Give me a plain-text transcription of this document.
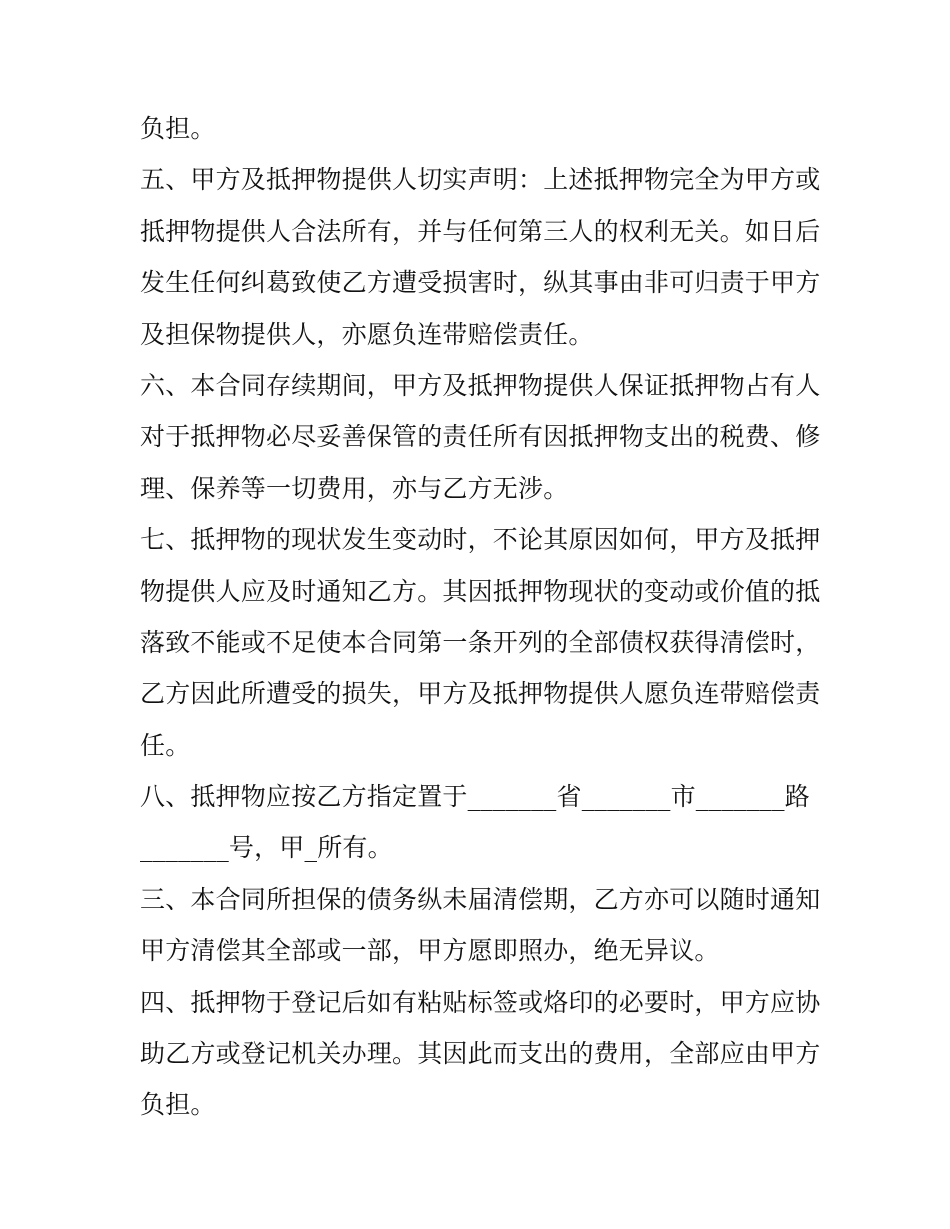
负担。
五、甲方及抵押物提供人切实声明：上述抵押物完全为甲方或
抵押物提供人合法所有，并与任何第三人的权利无关。如日后
发生任何纠葛致使乙方遭受损害时，纵其事由非可归责于甲方
及担保物提供人，亦愿负连带赔偿责任。
六、本合同存续期间，甲方及抵押物提供人保证抵押物占有人
对于抵押物必尽妥善保管的责任所有因抵押物支出的税费、修
理、保养等一切费用，亦与乙方无涉。
七、抵押物的现状发生变动时，不论其原因如何，甲方及抵押
物提供人应及时通知乙方。其因抵押物现状的变动或价值的抵
落致不能或不足使本合同第一条开列的全部债权获得清偿时，
乙方因此所遭受的损失，甲方及抵押物提供人愿负连带赔偿责
任。
八、抵押物应按乙方指定置于_______省_______市_______路
_______号，甲_所有。
三、本合同所担保的债务纵未届清偿期，乙方亦可以随时通知
甲方清偿其全部或一部，甲方愿即照办，绝无异议。
四、抵押物于登记后如有粘贴标签或烙印的必要时，甲方应协
助乙方或登记机关办理。其因此而支出的费用，全部应由甲方
负担。
